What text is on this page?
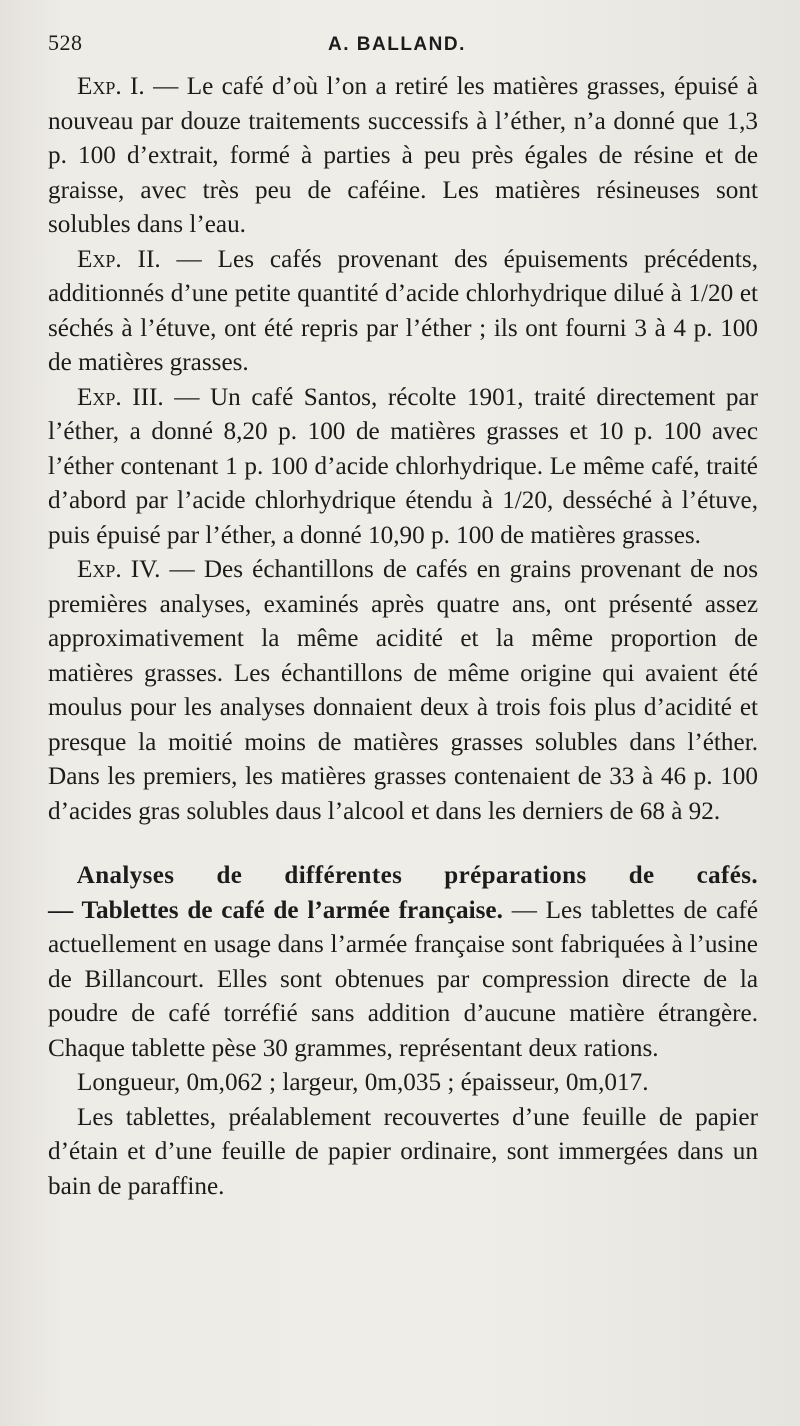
528	A. BALLAND.

Exp. I. — Le café d’où l’on a retiré les matières grasses, épuisé à nouveau par douze traitements successifs à l’éther, n’a donné que 1,3 p. 100 d’extrait, formé à parties à peu près égales de résine et de graisse, avec très peu de caféine. Les matières résineuses sont solubles dans l’eau.

Exp. II. — Les cafés provenant des épuisements précédents, additionnés d’une petite quantité d’acide chlorhydrique dilué à 1/20 et séchés à l’étuve, ont été repris par l’éther ; ils ont fourni 3 à 4 p. 100 de matières grasses.

Exp. III. — Un café Santos, récolte 1901, traité directement par l’éther, a donné 8,20 p. 100 de matières grasses et 10 p. 100 avec l’éther contenant 1 p. 100 d’acide chlorhydrique. Le même café, traité d’abord par l’acide chlorhydrique étendu à 1/20, desséché à l’étuve, puis épuisé par l’éther, a donné 10,90 p. 100 de matières grasses.

Exp. IV. — Des échantillons de cafés en grains provenant de nos premières analyses, examinés après quatre ans, ont présenté assez approximativement la même acidité et la même proportion de matières grasses. Les échantillons de même origine qui avaient été moulus pour les analyses donnaient deux à trois fois plus d’acidité et presque la moitié moins de matières grasses solubles dans l’éther. Dans les premiers, les matières grasses contenaient de 33 à 46 p. 100 d’acides gras solubles daus l’alcool et dans les derniers de 68 à 92.

Analyses de différentes préparations de cafés.

— Tablettes de café de l’armée française. — Les tablettes de café actuellement en usage dans l’armée française sont fabriquées à l’usine de Billancourt. Elles sont obtenues par compression directe de la poudre de café torréfié sans addition d’aucune matière étrangère. Chaque tablette pèse 30 grammes, représentant deux rations.

Longueur, 0m,062 ; largeur, 0m,035 ; épaisseur, 0m,017.

Les tablettes, préalablement recouvertes d’une feuille de papier d’étain et d’une feuille de papier ordinaire, sont immergées dans un bain de paraffine.
